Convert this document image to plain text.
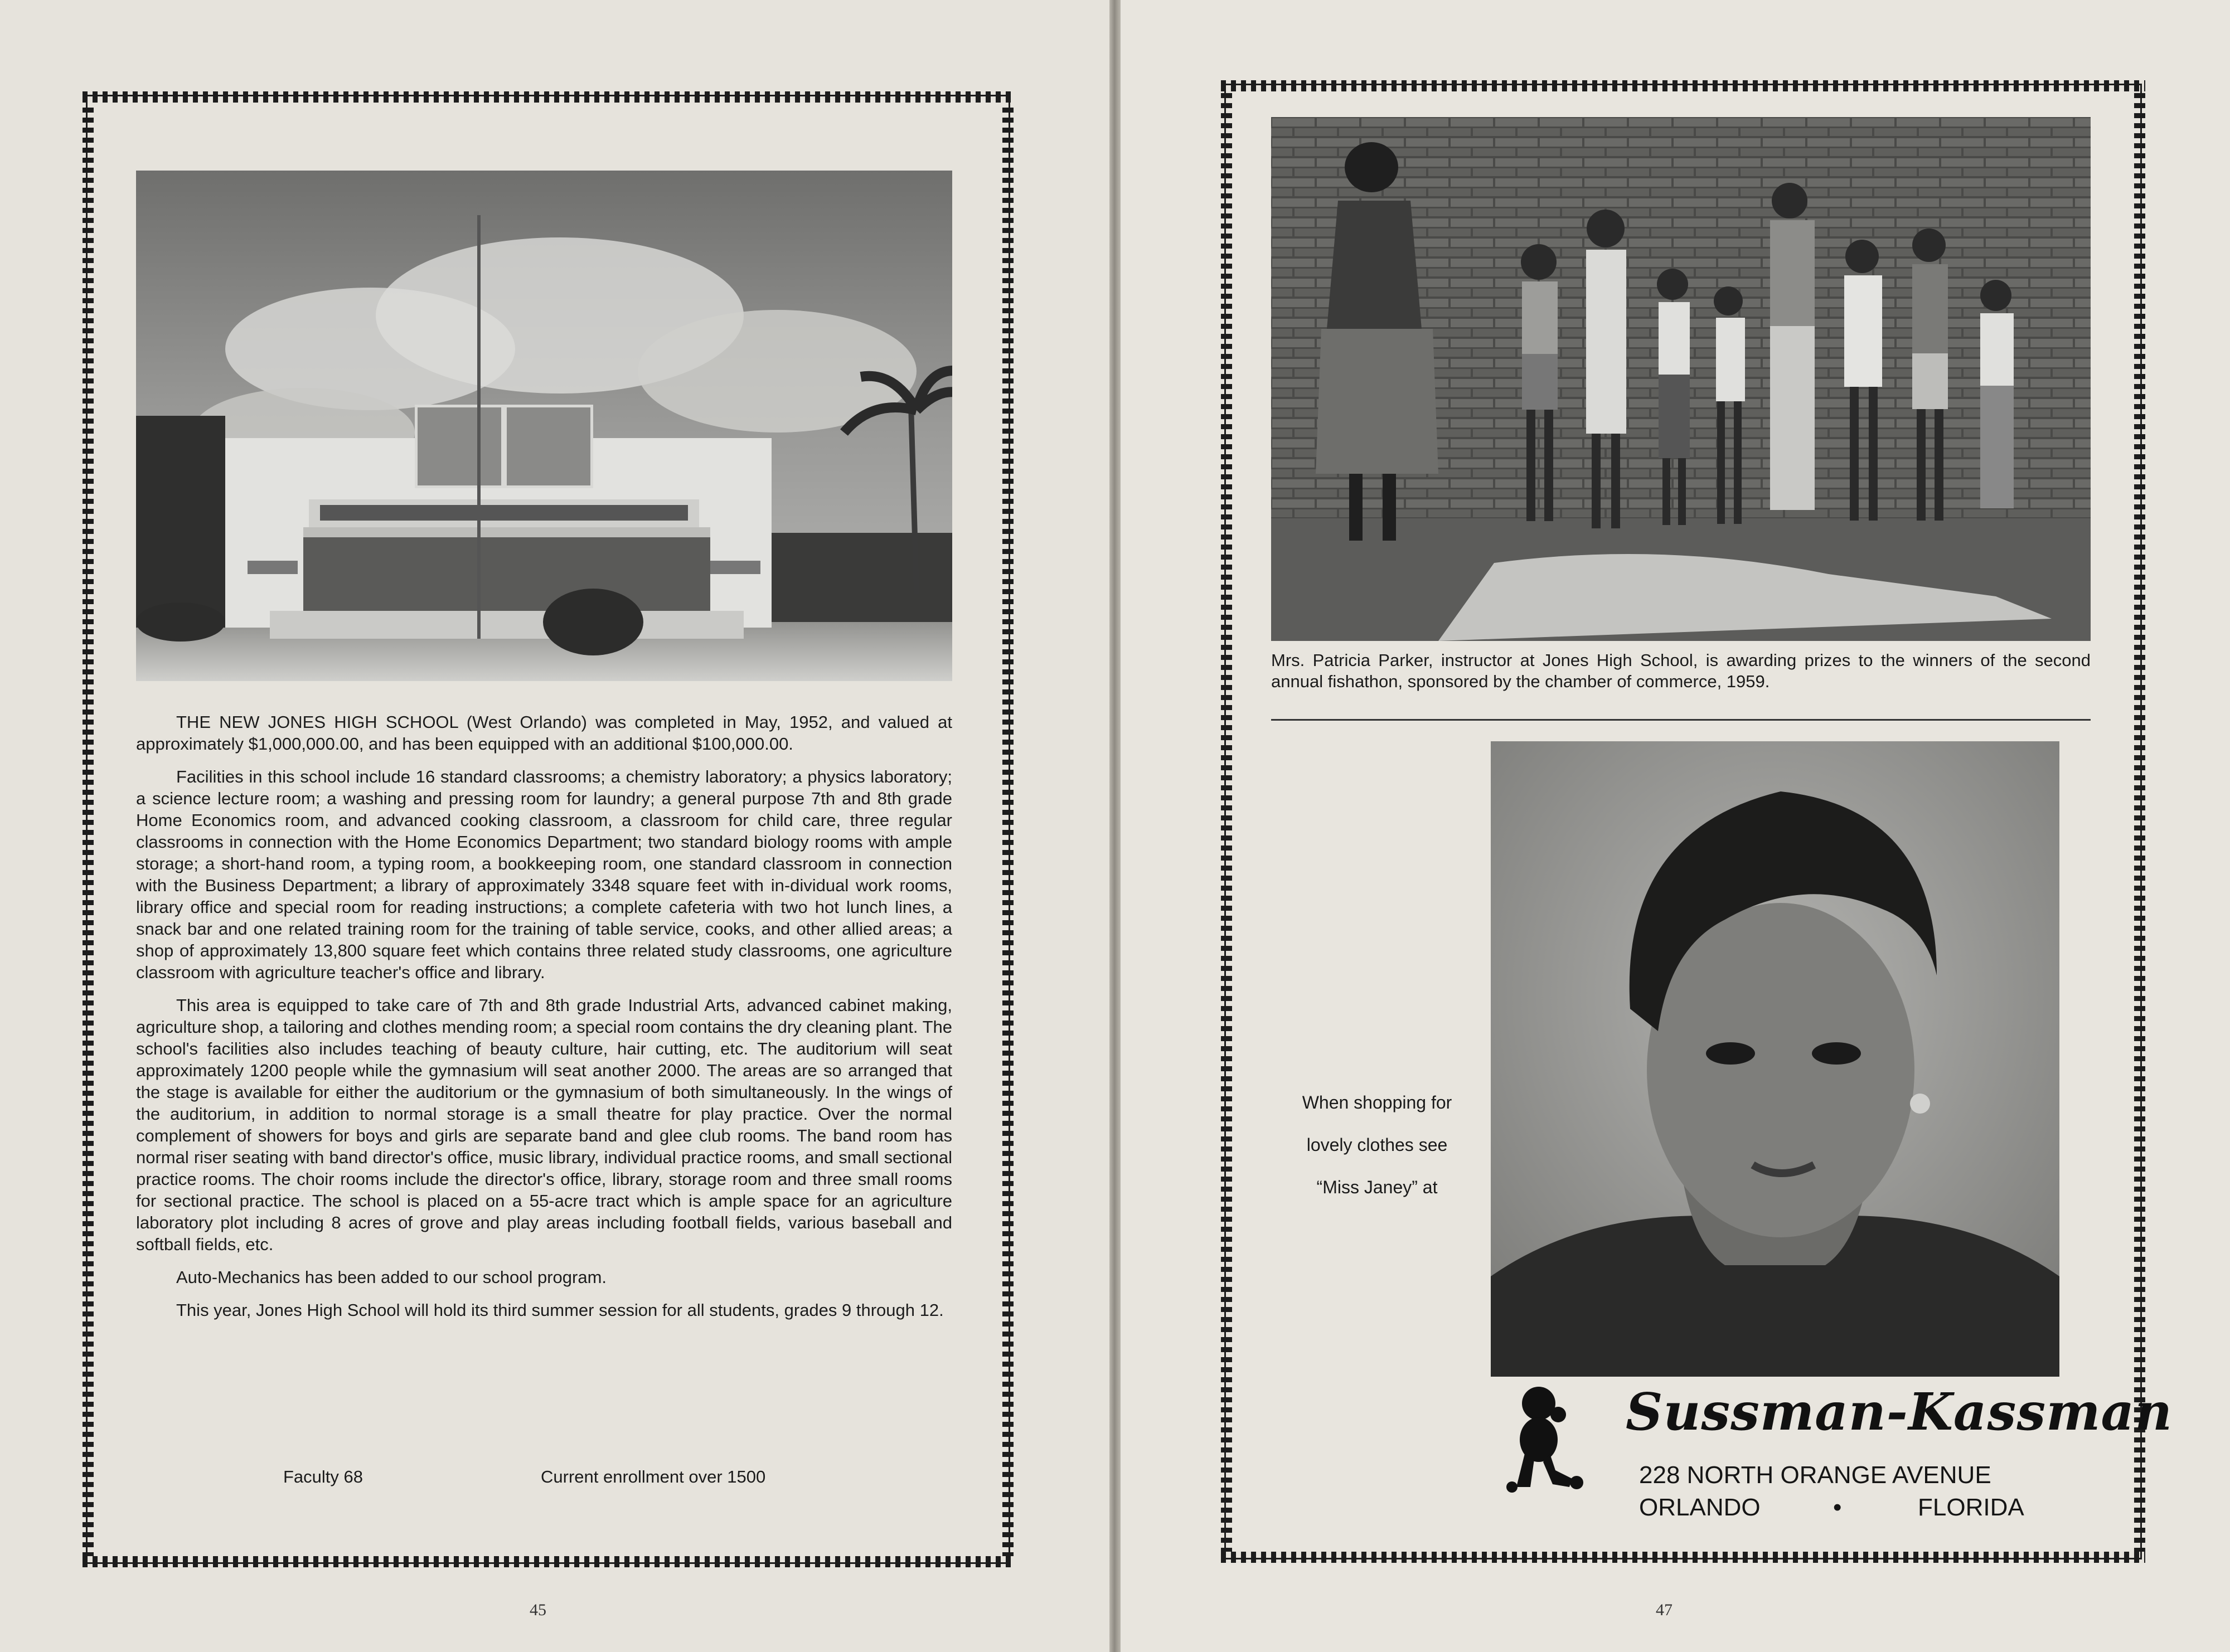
THE NEW JONES HIGH SCHOOL (West Orlando) was completed in May, 1952, and valued at approximately $1,000,000.00, and has been equipped with an additional $100,000.00.

Facilities in this school include 16 standard classrooms; a chemistry laboratory; a physics laboratory; a science lecture room; a washing and pressing room for laundry; a general purpose 7th and 8th grade Home Economics room, and advanced cooking classroom, a classroom for child care, three regular classrooms in connection with the Home Economics Department; two standard biology rooms with ample storage; a short-hand room, a typing room, a bookkeeping room, one standard classroom in connection with the Business Department; a library of approximately 3348 square feet with in-dividual work rooms, library office and special room for reading instructions; a complete cafeteria with two hot lunch lines, a snack bar and one related training room for the training of table service, cooks, and other allied areas; a shop of approximately 13,800 square feet which contains three related study classrooms, one agriculture classroom with agriculture teacher's office and library.

This area is equipped to take care of 7th and 8th grade Industrial Arts, advanced cabinet making, agriculture shop, a tailoring and clothes mending room; a special room contains the dry cleaning plant. The school's facilities also includes teaching of beauty culture, hair cutting, etc. The auditorium will seat approximately 1200 people while the gymnasium will seat another 2000. The areas are so arranged that the stage is available for either the auditorium or the gymnasium of both simultaneously. In the wings of the auditorium, in addition to normal storage is a small theatre for play practice. Over the normal complement of showers for boys and girls are separate band and glee club rooms. The band room has normal riser seating with band director's office, music library, individual practice rooms, and small sectional practice rooms. The choir rooms include the director's office, library, storage room and three small rooms for sectional practice. The school is placed on a 55-acre tract which is ample space for an agriculture laboratory plot including 8 acres of grove and play areas including football fields, various baseball and softball fields, etc.

Auto-Mechanics has been added to our school program.

This year, Jones High School will hold its third summer session for all students, grades 9 through 12.

Faculty 68	Current enrollment over 1500
45
Mrs. Patricia Parker, instructor at Jones High School, is awarding prizes to the winners of the second annual fishathon, sponsored by the chamber of commerce, 1959.
When shopping for
lovely clothes see
“Miss Janey” at
Sussman-Kassman
228 NORTH ORANGE AVENUE
ORLANDO	•	FLORIDA
47
